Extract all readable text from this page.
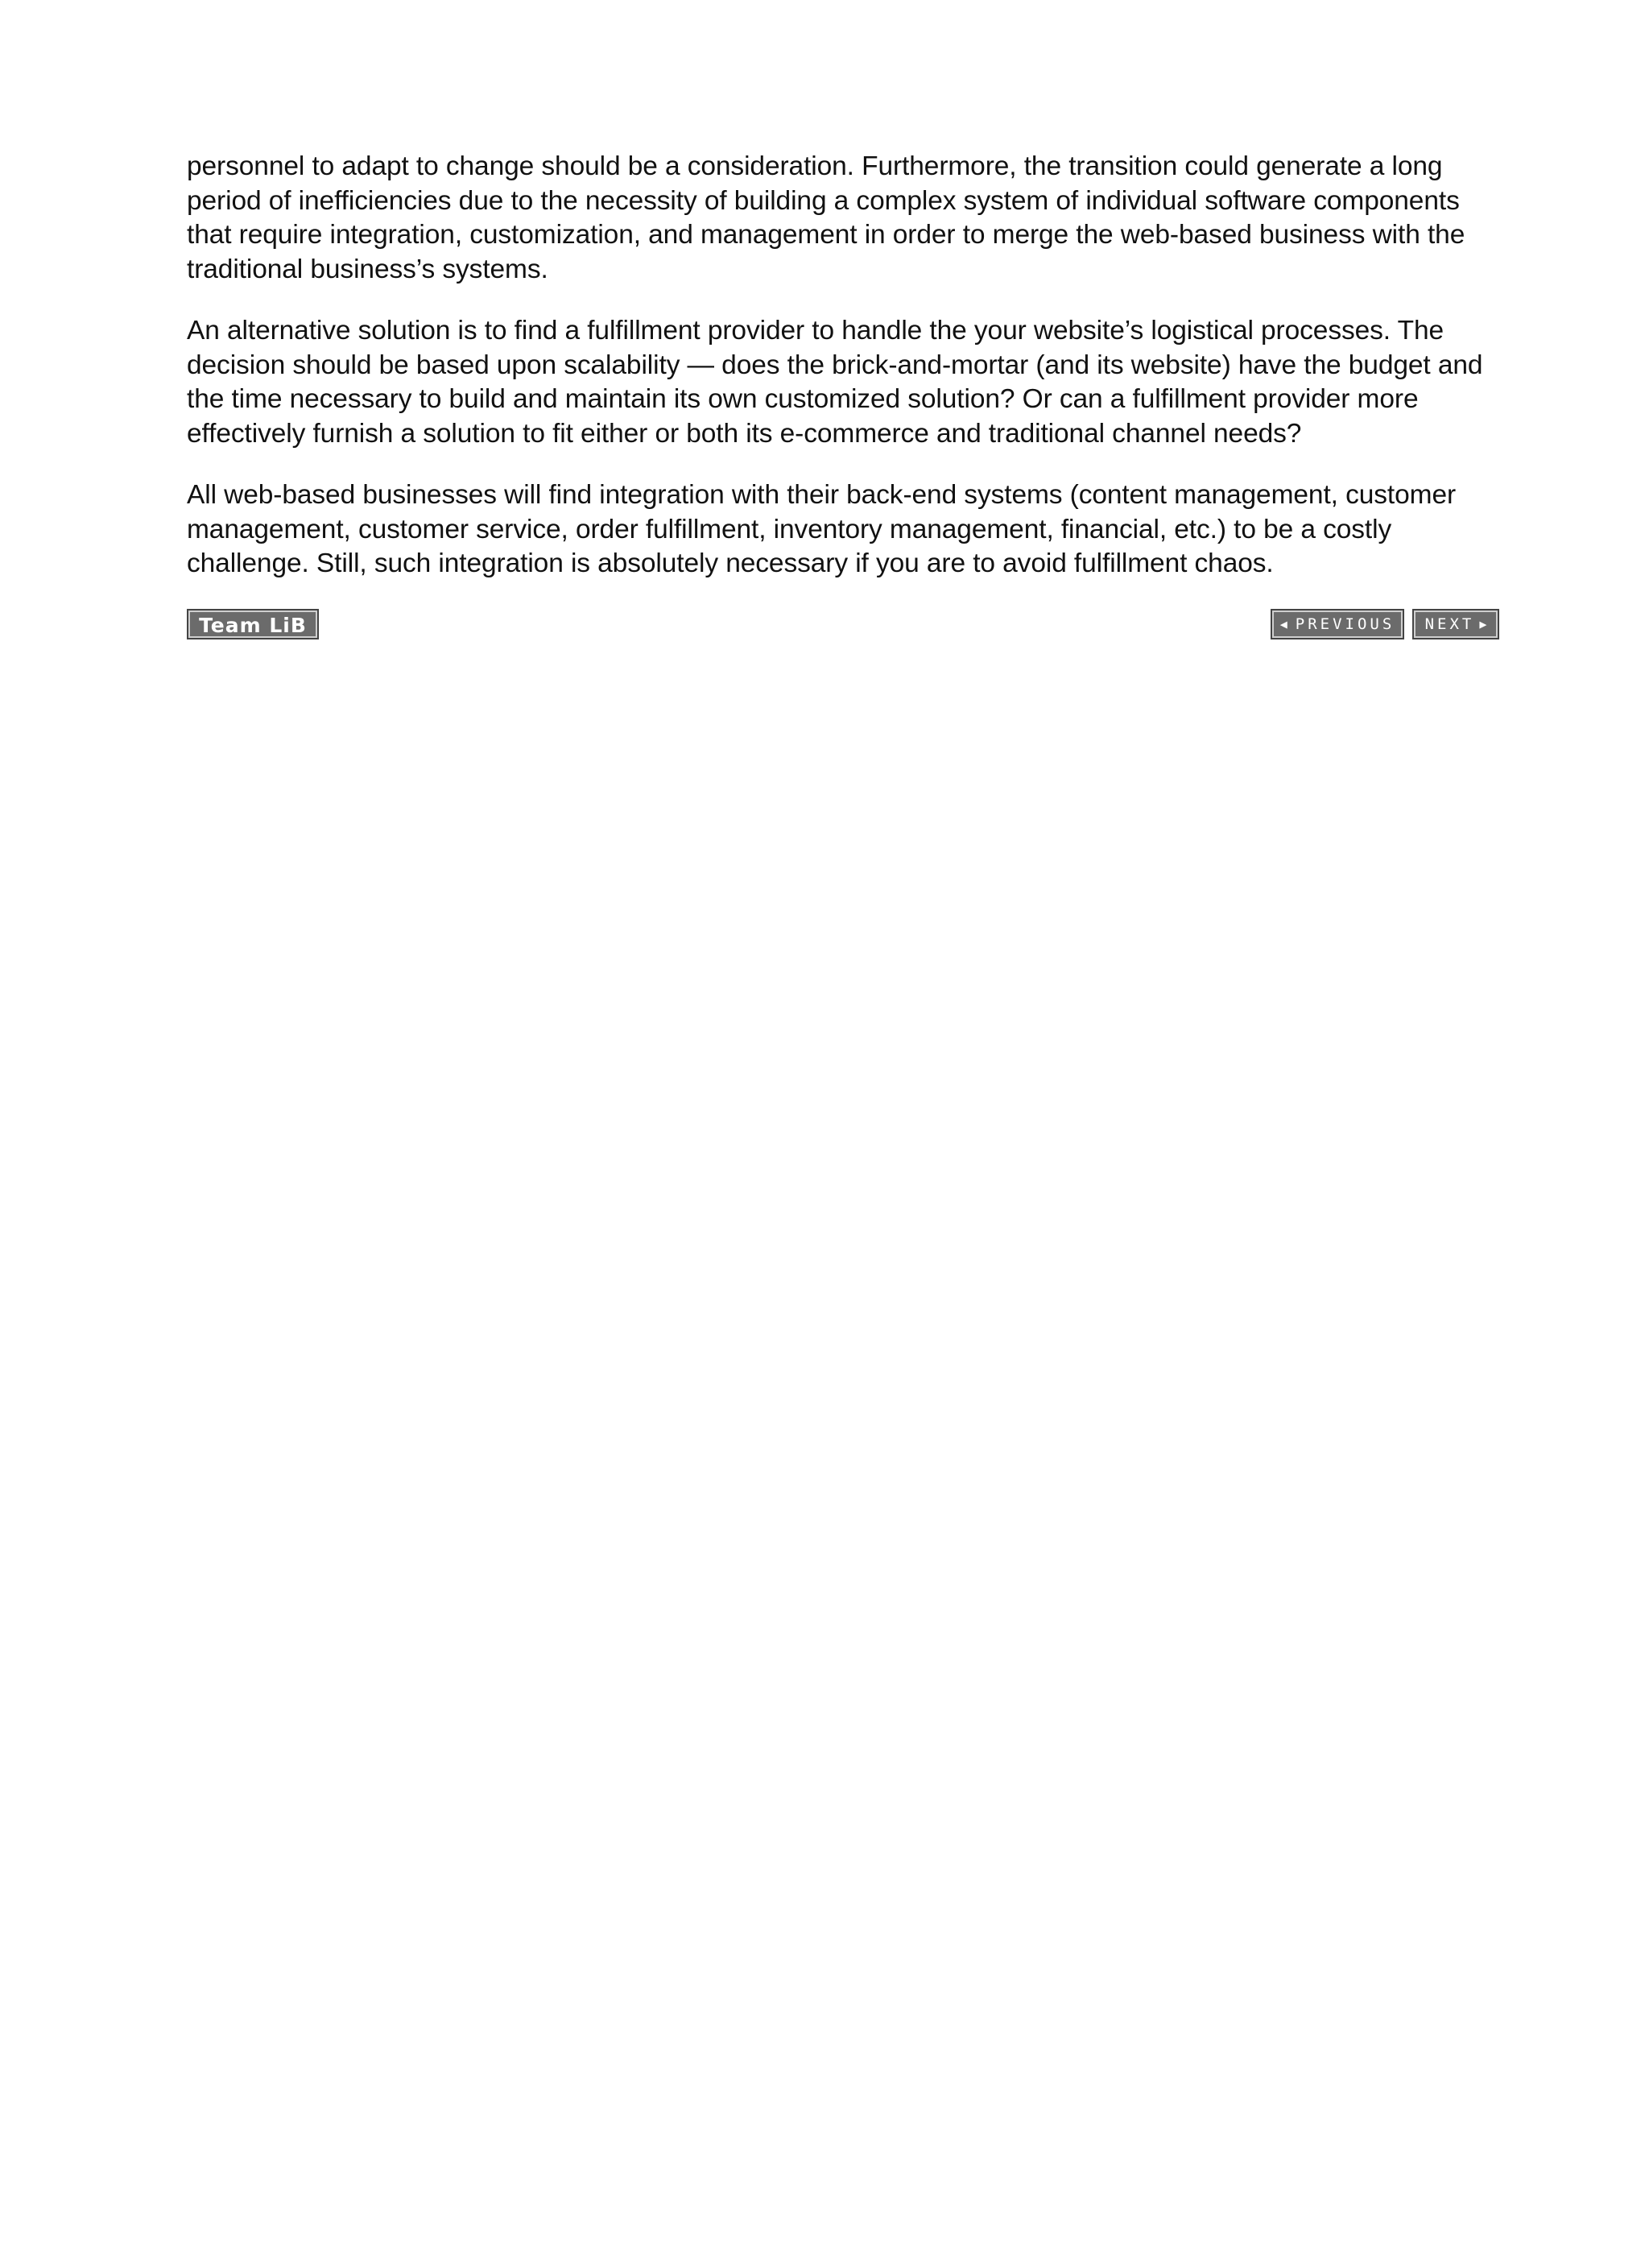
personnel to adapt to change should be a consideration. Furthermore, the transition could generate a long period of inefficiencies due to the necessity of building a complex system of individual software components that require integration, customization, and management in order to merge the web-based business with the traditional business’s systems.

An alternative solution is to find a fulfillment provider to handle the your website’s logistical processes. The decision should be based upon scalability — does the brick-and-mortar (and its website) have the budget and the time necessary to build and maintain its own customized solution? Or can a fulfillment provider more effectively furnish a solution to fit either or both its e-commerce and traditional channel needs?

All web-based businesses will find integration with their back-end systems (content management, customer management, customer service, order fulfillment, inventory management, financial, etc.) to be a costly challenge. Still, such integration is absolutely necessary if you are to avoid fulfillment chaos.

Team LiB	◀ PREVIOUS NEXT ▶
